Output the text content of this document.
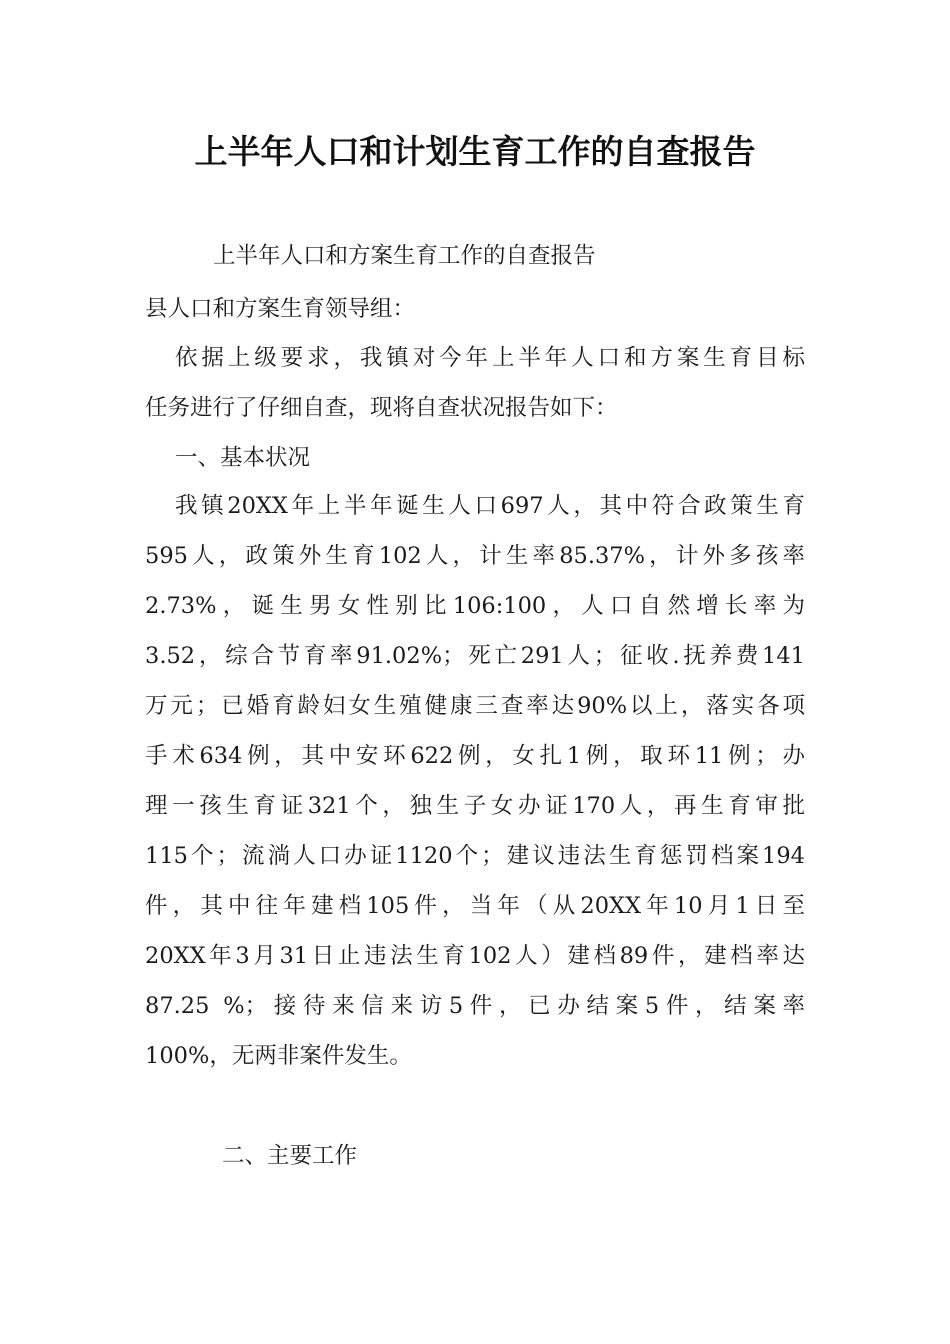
上半年人口和计划生育工作的自查报告
上半年人口和方案生育工作的自查报告
县人口和方案生育领导组：
依据上级要求，我镇对今年上半年人口和方案生育目标
任务进行了仔细自查，现将自查状况报告如下：
一、基本状况
我镇20XX年上半年诞生人口697人，其中符合政策生育
595人，政策外生育102人，计生率85.37%，计外多孩率
2.73%，诞生男女性别比106:100，人口自然增长率为
3.52，综合节育率91.02%；死亡291人；征收.抚养费141
万元；已婚育龄妇女生殖健康三查率达90%以上，落实各项
手术634例，其中安环622例，女扎1例，取环11例；办
理一孩生育证321个，独生子女办证170人，再生育审批
115个；流淌人口办证1120个；建议违法生育惩罚档案194
件，其中往年建档105件，当年（从20XX年10月1日至
20XX年3月31日止违法生育102人）建档89件，建档率达
87.25 %；接待来信来访5件，已办结案5件，结案率
100%，无两非案件发生。
二、主要工作
